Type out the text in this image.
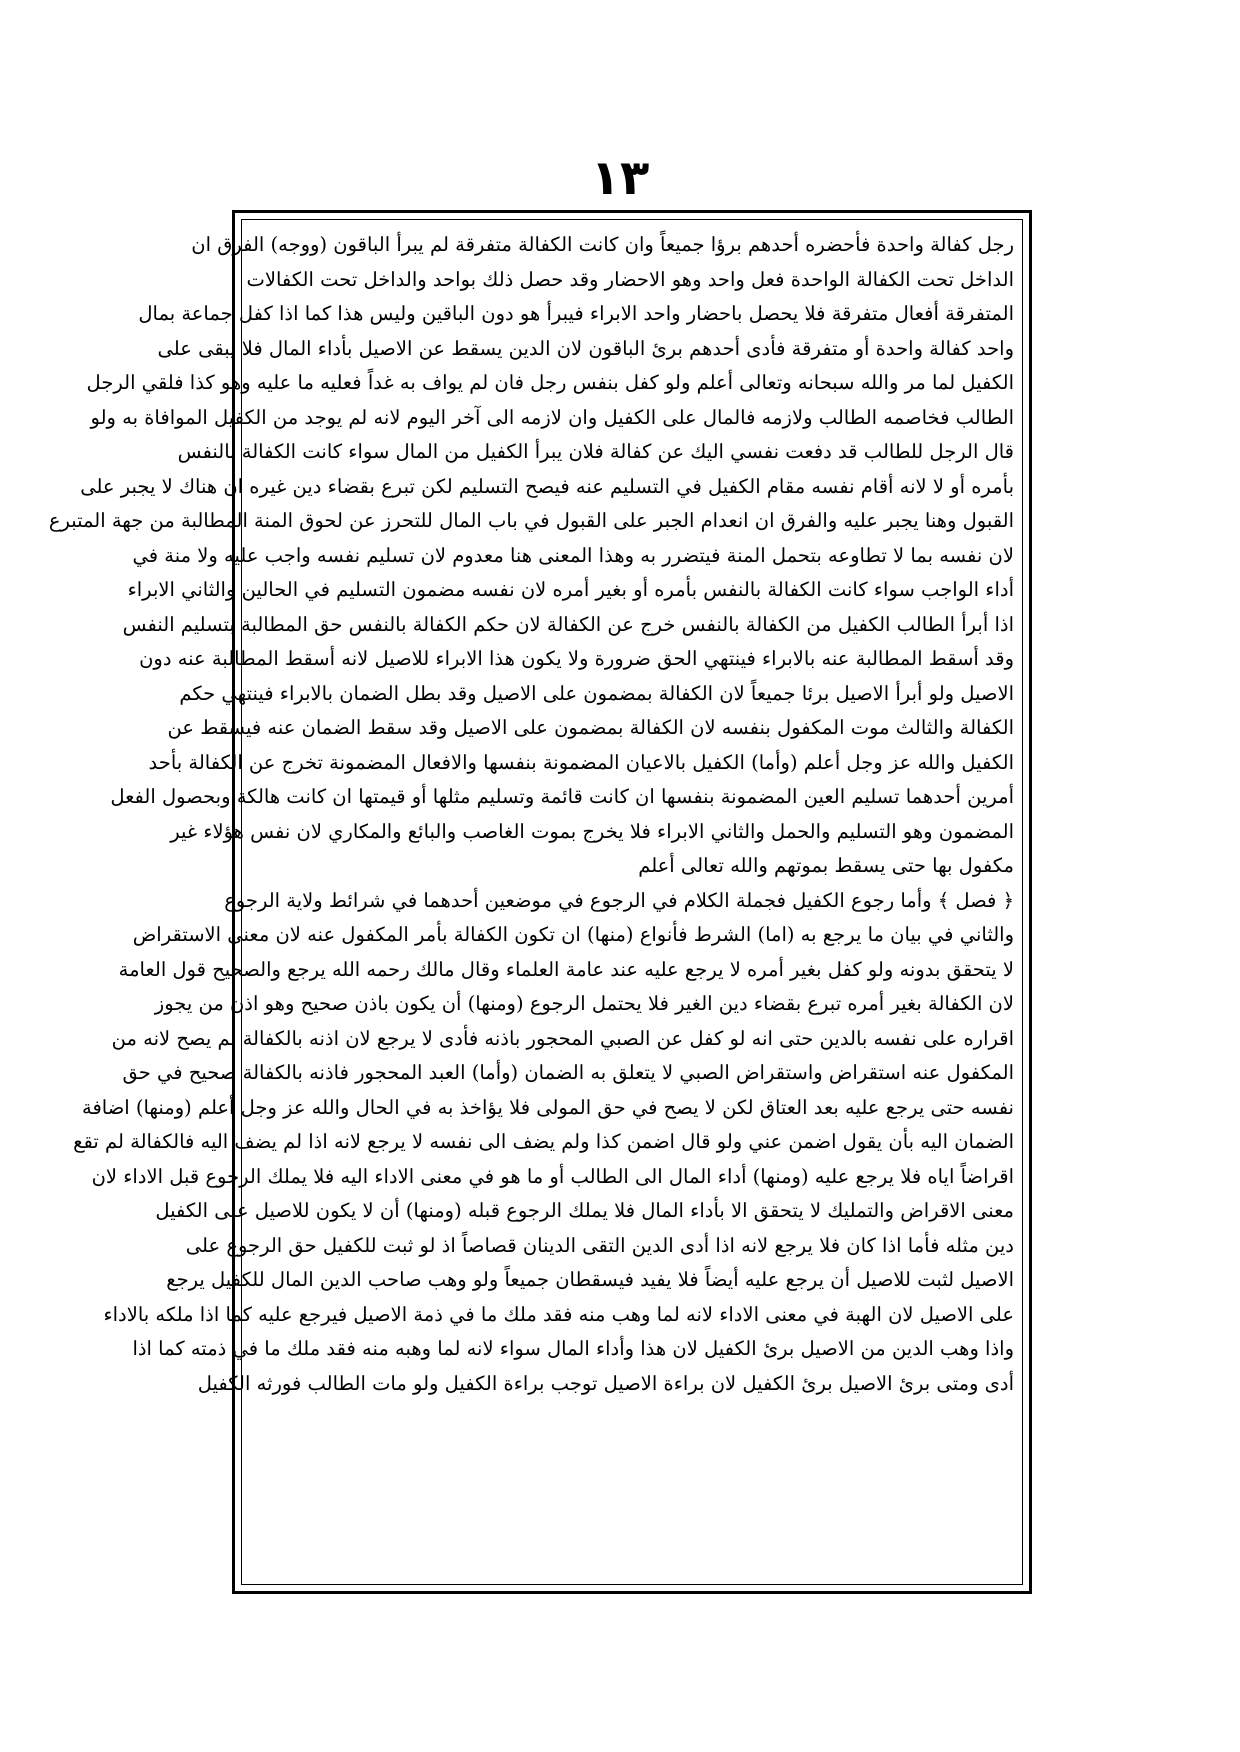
١٣
رجل كفالة واحدة فأحضره أحدهم برؤا جميعاً وان كانت الكفالة متفرقة لم يبرأ الباقون (ووجه) الفرق ان
الداخل تحت الكفالة الواحدة فعل واحد وهو الاحضار وقد حصل ذلك بواحد والداخل تحت الكفالات
المتفرقة أفعال متفرقة فلا يحصل باحضار واحد الابراء فيبرأ هو دون الباقين وليس هذا كما اذا كفل جماعة بمال
واحد كفالة واحدة أو متفرقة فأدى أحدهم برئ الباقون لان الدين يسقط عن الاصيل بأداء المال فلا يبقى على
الكفيل لما مر والله سبحانه وتعالى أعلم ولو كفل بنفس رجل فان لم يواف به غداً فعليه ما عليه وهو كذا فلقي الرجل
الطالب فخاصمه الطالب ولازمه فالمال على الكفيل وان لازمه الى آخر اليوم لانه لم يوجد من الكفيل الموافاة به ولو
قال الرجل للطالب قد دفعت نفسي اليك عن كفالة فلان يبرأ الكفيل من المال سواء كانت الكفالة بالنفس
بأمره أو لا لانه أقام نفسه مقام الكفيل في التسليم عنه فيصح التسليم لكن تبرع بقضاء دين غيره ان هناك لا يجبر على
القبول وهنا يجبر عليه والفرق ان انعدام الجبر على القبول في باب المال للتحرز عن لحوق المنة المطالبة من جهة المتبرع
لان نفسه بما لا تطاوعه بتحمل المنة فيتضرر به وهذا المعنى هنا معدوم لان تسليم نفسه واجب عليه ولا منة في
أداء الواجب سواء كانت الكفالة بالنفس بأمره أو بغير أمره لان نفسه مضمون التسليم في الحالين والثاني الابراء
اذا أبرأ الطالب الكفيل من الكفالة بالنفس خرج عن الكفالة لان حكم الكفالة بالنفس حق المطالبة بتسليم النفس
وقد أسقط المطالبة عنه بالابراء فينتهي الحق ضرورة ولا يكون هذا الابراء للاصيل لانه أسقط المطالبة عنه دون
الاصيل ولو أبرأ الاصيل برئا جميعاً لان الكفالة بمضمون على الاصيل وقد بطل الضمان بالابراء فينتهي حكم
الكفالة والثالث موت المكفول بنفسه لان الكفالة بمضمون على الاصيل وقد سقط الضمان عنه فيسقط عن
الكفيل والله عز وجل أعلم (وأما) الكفيل بالاعيان المضمونة بنفسها والافعال المضمونة تخرج عن الكفالة بأحد
أمرين أحدهما تسليم العين المضمونة بنفسها ان كانت قائمة وتسليم مثلها أو قيمتها ان كانت هالكة وبحصول الفعل
المضمون وهو التسليم والحمل والثاني الابراء فلا يخرج بموت الغاصب والبائع والمكاري لان نفس هؤلاء غير
مكفول بها حتى يسقط بموتهم والله تعالى أعلم
﴿ فصل ﴾ وأما رجوع الكفيل فجملة الكلام في الرجوع في موضعين أحدهما في شرائط ولاية الرجوع
والثاني في بيان ما يرجع به (اما) الشرط فأنواع (منها) ان تكون الكفالة بأمر المكفول عنه لان معنى الاستقراض
لا يتحقق بدونه ولو كفل بغير أمره لا يرجع عليه عند عامة العلماء وقال مالك رحمه الله يرجع والصحيح قول العامة
لان الكفالة بغير أمره تبرع بقضاء دين الغير فلا يحتمل الرجوع (ومنها) أن يكون باذن صحيح وهو اذن من يجوز
اقراره على نفسه بالدين حتى انه لو كفل عن الصبي المحجور باذنه فأدى لا يرجع لان اذنه بالكفالة لم يصح لانه من
المكفول عنه استقراض واستقراض الصبي لا يتعلق به الضمان (وأما) العبد المحجور فاذنه بالكفالة صحيح في حق
نفسه حتى يرجع عليه بعد العتاق لكن لا يصح في حق المولى فلا يؤاخذ به في الحال والله عز وجل أعلم (ومنها) اضافة
الضمان اليه بأن يقول اضمن عني ولو قال اضمن كذا ولم يضف الى نفسه لا يرجع لانه اذا لم يضف اليه فالكفالة لم تقع
اقراضاً اياه فلا يرجع عليه (ومنها) أداء المال الى الطالب أو ما هو في معنى الاداء اليه فلا يملك الرجوع قبل الاداء لان
معنى الاقراض والتمليك لا يتحقق الا بأداء المال فلا يملك الرجوع قبله (ومنها) أن لا يكون للاصيل على الكفيل
دين مثله فأما اذا كان فلا يرجع لانه اذا أدى الدين التقى الدينان قصاصاً اذ لو ثبت للكفيل حق الرجوع على
الاصيل لثبت للاصيل أن يرجع عليه أيضاً فلا يفيد فيسقطان جميعاً ولو وهب صاحب الدين المال للكفيل يرجع
على الاصيل لان الهبة في معنى الاداء لانه لما وهب منه فقد ملك ما في ذمة الاصيل فيرجع عليه كما اذا ملكه بالاداء
واذا وهب الدين من الاصيل برئ الكفيل لان هذا وأداء المال سواء لانه لما وهبه منه فقد ملك ما في ذمته كما اذا
أدى ومتى برئ الاصيل برئ الكفيل لان براءة الاصيل توجب براءة الكفيل ولو مات الطالب فورثه الكفيل
